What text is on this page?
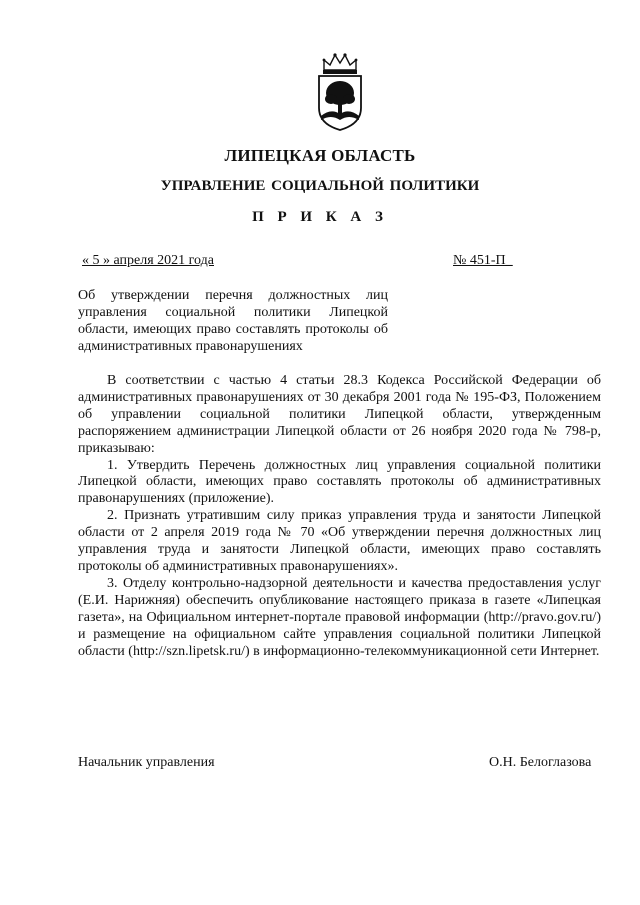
ЛИПЕЦКАЯ ОБЛАСТЬ
УПРАВЛЕНИЕ СОЦИАЛЬНОЙ ПОЛИТИКИ
П Р И К А З
« 5 » апреля 2021 года	№ 451-П_
Об утверждении перечня должностных лиц управления социальной политики Липецкой области, имеющих право составлять протоколы об административных правонарушениях

В соответствии с частью 4 статьи 28.3 Кодекса Российской Федерации об административных правонарушениях от 30 декабря 2001 года № 195-ФЗ, Положением об управлении социальной политики Липецкой области, утвержденным распоряжением администрации Липецкой области от 26 ноября 2020 года № 798-р, приказываю:

1. Утвердить Перечень должностных лиц управления социальной политики Липецкой области, имеющих право составлять протоколы об административных правонарушениях (приложение).

2. Признать утратившим силу приказ управления труда и занятости Липецкой области от 2 апреля 2019 года № 70 «Об утверждении перечня должностных лиц управления труда и занятости Липецкой области, имеющих право составлять протоколы об административных правонарушениях».

3. Отделу контрольно-надзорной деятельности и качества предоставления услуг (Е.И. Нарижняя) обеспечить опубликование настоящего приказа в газете «Липецкая газета», на Официальном интернет-портале правовой информации (http://pravo.gov.ru/) и размещение на официальном сайте управления социальной политики Липецкой области (http://szn.lipetsk.ru/) в информационно-телекоммуникационной сети Интернет.

Начальник управления	О.Н. Белоглазова
